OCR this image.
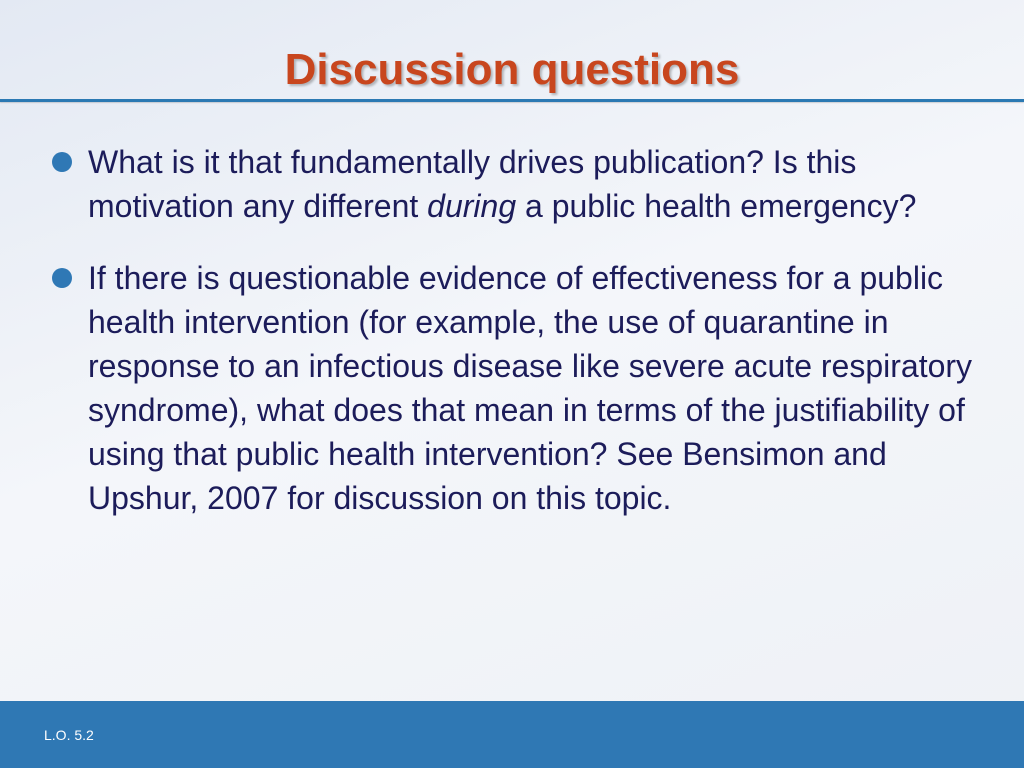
Discussion questions

What is it that fundamentally drives publication? Is this motivation any different during a public health emergency?

If there is questionable evidence of effectiveness for a public health intervention (for example, the use of quarantine in response to an infectious disease like severe acute respiratory syndrome), what does that mean in terms of the justifiability of using that public health intervention? See Bensimon and Upshur, 2007 for discussion on this topic.

L.O. 5.2
